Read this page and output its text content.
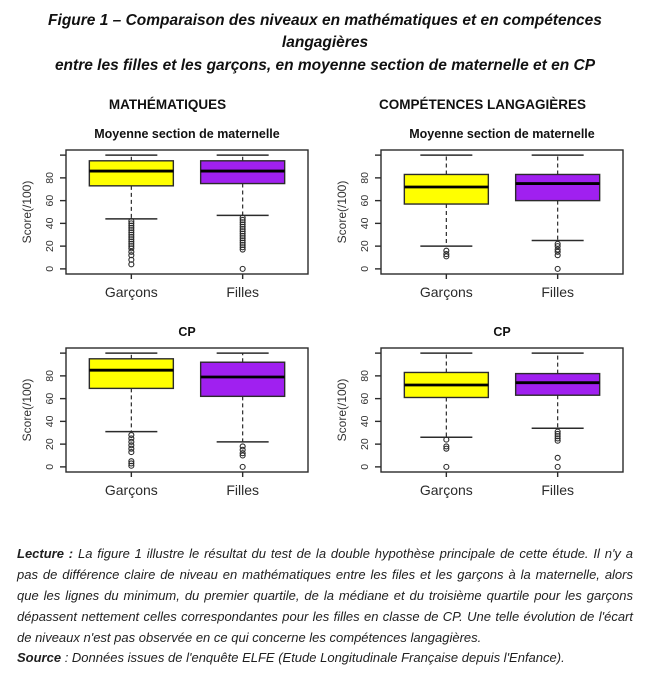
Figure 1 – Comparaison des niveaux en mathématiques et en compétences langagières
entre les filles et les garçons, en moyenne section de maternelle et en CP
MATHÉMATIQUES	COMPÉTENCES LANGAGIÈRES
Moyenne section de maternelle
0
20
40
60
80
Score(/100)
Garçons	Filles
Moyenne section de maternelle
0
20
40
60
80
Score(/100)
Garçons	Filles
CP
0
20
40
60
80
Score(/100)
Garçons	Filles
CP
0
20
40
60
80
Score(/100)
Garçons	Filles

Lecture : La figure 1 illustre le résultat du test de la double hypothèse principale de cette étude. Il n'y a pas de différence claire de niveau en mathématiques entre les files et les garçons à la maternelle, alors que les lignes du minimum, du premier quartile, de la médiane et du troisième quartile pour les garçons dépassent nettement celles correspondantes pour les filles en classe de CP. Une telle évolution de l'écart de niveaux n'est pas observée en ce qui concerne les compétences langagières.

Source : Données issues de l'enquête ELFE (Etude Longitudinale Française depuis l'Enfance).
